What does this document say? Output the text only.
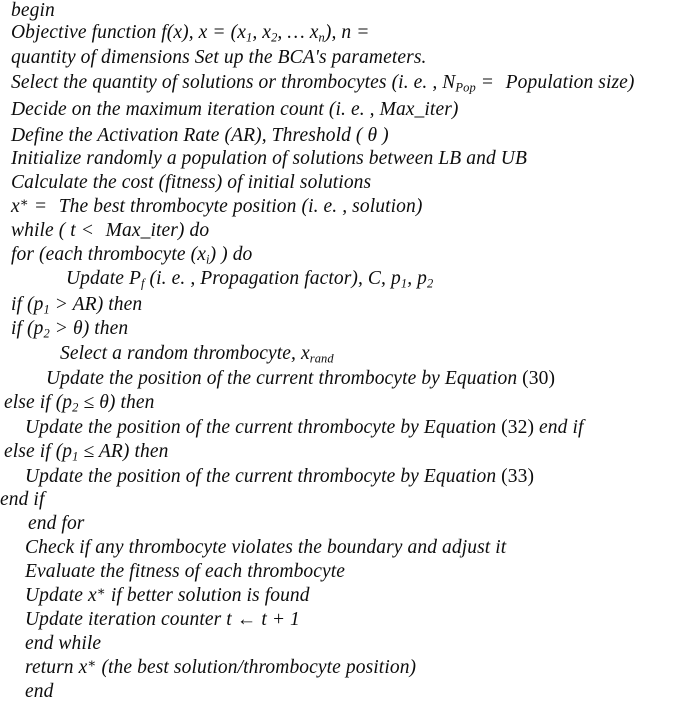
begin
Objective function f(x), $x = (x_1$, $x_2$, … $x_n$), n =
quantity of dimensions Set up the BCA's parameters.
Select the quantity of solutions or thrombocytes (i. e. , $N_{Pop}$ = Population size)
Decide on the maximum iteration count (i. e. , Max_iter)
Define the Activation Rate (AR), Threshold ( θ )
Initialize randomly a population of solutions between LB and UB
Calculate the cost (fitness) of initial solutions
x∗ = The best thrombocyte position (i. e. , solution)
while ( t < Max_iter) do
for (each thrombocyte $(x_i)$ ) do
Update $P_f$ (i. e. , Propagation factor), C, $p_1$, $p_2$
if $(p_1 > AR)$ then
if $(p_2 > \theta)$ then
Select a random thrombocyte, $x_{rand}$
Update the position of the current thrombocyte by Equation (30)
else if $(p_2 \le \theta)$ then
Update the position of the current thrombocyte by Equation (32) end if
else if $(p_1 \le AR)$ then
Update the position of the current thrombocyte by Equation (33)
end if
end for
Check if any thrombocyte violates the boundary and adjust it
Evaluate the fitness of each thrombocyte
Update x∗ if better solution is found
Update iteration counter t ← t + 1
end while
return x∗ (the best solution/thrombocyte position)
end
